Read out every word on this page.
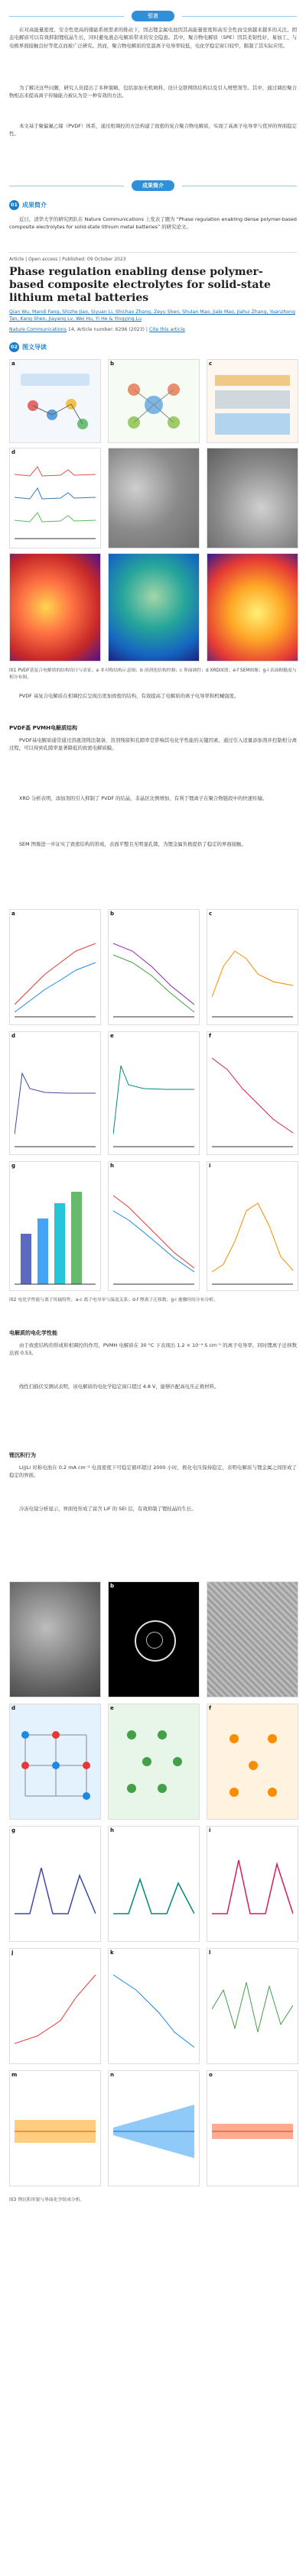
引言

在对高能量密度、安全性更高的储能系统需求的推动下，固态锂金属电池因其高能量密度和高安全性而受到越来越多的关注。固态电解质可以有效抑制锂枝晶生长，同时避免液态电解质带来的安全隐患。其中，聚合物电解质（SPE）因其柔韧性好、易加工、与电极界面接触良好等优点而被广泛研究。然而，聚合物电解质的室温离子电导率较低，电化学稳定窗口较窄，限制了其实际应用。

为了解决这些问题，研究人员提出了多种策略，包括添加无机填料、设计交联网络结构以及引入增塑剂等。其中，通过调控聚合物相态来提高离子传输能力被认为是一种有效的方法。

本文基于聚偏氟乙烯（PVDF）体系，通过相调控的方法构建了致密的复合聚合物电解质，实现了高离子电导率与优异的界面稳定性。

成果简介
01 成果简介

近日，清华大学的研究团队在 Nature Communications 上发表了题为 “Phase regulation enabling dense polymer-based composite electrolytes for solid-state lithium metal batteries” 的研究论文。

Article | Open access | Published: 09 October 2023
Phase regulation enabling dense polymer-based composite electrolytes for solid-state lithium metal batteries
Qian Wu, Mandi Fang, Shizhe Jiao, Siyuan Li, Shichao Zhang, Zeyu Shen, Shulan Mao, Jiale Mao, Jiahui Zhang, Yuanzhong Tan, Kang Shen, Jiayang Lv, Wei Hu, Yi He & Yingying Lu
Nature Communications 14, Article number: 6296 (2023) | Cite this article
02 图文导读
a	b	c
d

图1 PVDF基复合电解质的结构设计与表征。a 非对称结构示意图；b 溶剂化结构控制；c 界面调控；d XRD图谱；e-f SEM图像；g-i 表面粗糙度与相分布图。

PVDF 基复合电解质在相调控后呈现出更加致密的结构，有效提高了电解质的离子电导率和机械强度。

PVDF基 PVMH电解质结构

PVDF基电解质通常通过溶液浇铸法制备，溶剂残留和孔隙率是影响其电化学性能的关键因素。通过引入适量添加剂并控制相分离过程，可以得到孔隙率显著降低的致密电解质膜。

XRD 分析表明，添加剂的引入抑制了 PVDF 的结晶，非晶区比例增加，有利于锂离子在聚合物链段中的快速传输。

SEM 图像进一步证实了致密结构的形成，表面平整且无明显孔隙，为锂金属负极提供了稳定的界面接触。

a	b	c
d	e	f
g	h	i

图2 电化学性能与离子传输特性。a-c 离子电导率与温度关系；d-f 锂离子迁移数；g-i 弛豫时间分布分析。

电解质的电化学性能

由于致密结构的形成和相调控的作用，PVMH 电解质在 30 °C 下表现出 1.2 × 10⁻⁴ S cm⁻¹ 的离子电导率，同时锂离子迁移数达到 0.53。

线性扫描伏安测试表明，该电解质的电化学稳定窗口超过 4.8 V，能够匹配高电压正极材料。

锂沉积行为

Li||Li 对称电池在 0.2 mA cm⁻² 电流密度下可稳定循环超过 2000 小时，极化电压保持稳定，表明电解质与锂金属之间形成了稳定的界面。

冷冻电镜分析显示，界面处形成了富含 LiF 的 SEI 层，有效抑制了锂枝晶的生长。

b
d	e	f
g	h	i
j	k	l
m	n	o

图3 锂沉积形貌与界面化学组成分析。
